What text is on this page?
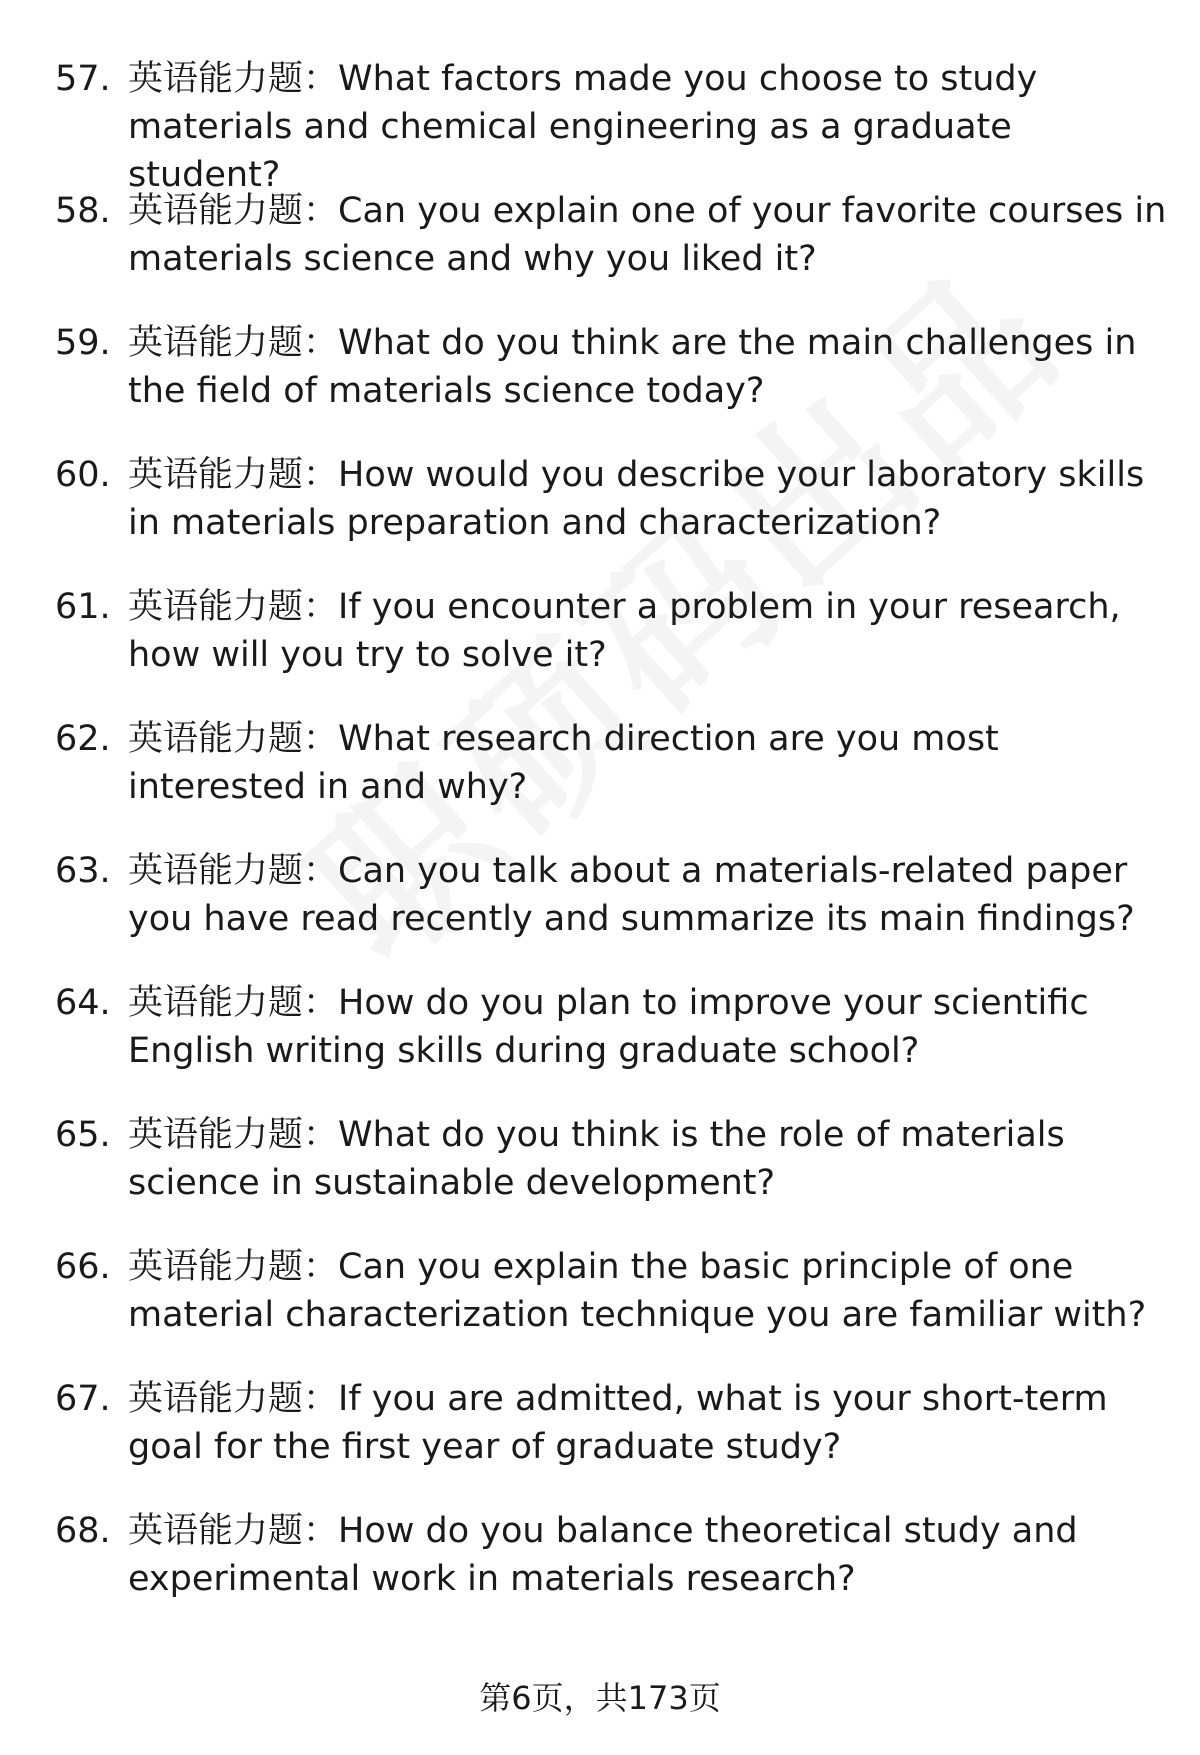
57. 英语能力题：What factors made you choose to study materials and chemical engineering as a graduate student?
58. 英语能力题：Can you explain one of your favorite courses in materials science and why you liked it?
59. 英语能力题：What do you think are the main challenges in the field of materials science today?
60. 英语能力题：How would you describe your laboratory skills in materials preparation and characterization?
61. 英语能力题：If you encounter a problem in your research, how will you try to solve it?
62. 英语能力题：What research direction are you most interested in and why?
63. 英语能力题：Can you talk about a materials-related paper you have read recently and summarize its main findings?
64. 英语能力题：How do you plan to improve your scientific English writing skills during graduate school?
65. 英语能力题：What do you think is the role of materials science in sustainable development?
66. 英语能力题：Can you explain the basic principle of one material characterization technique you are familiar with?
67. 英语能力题：If you are admitted, what is your short-term goal for the first year of graduate study?
68. 英语能力题：How do you balance theoretical study and experimental work in materials research?
第6页，共173页
